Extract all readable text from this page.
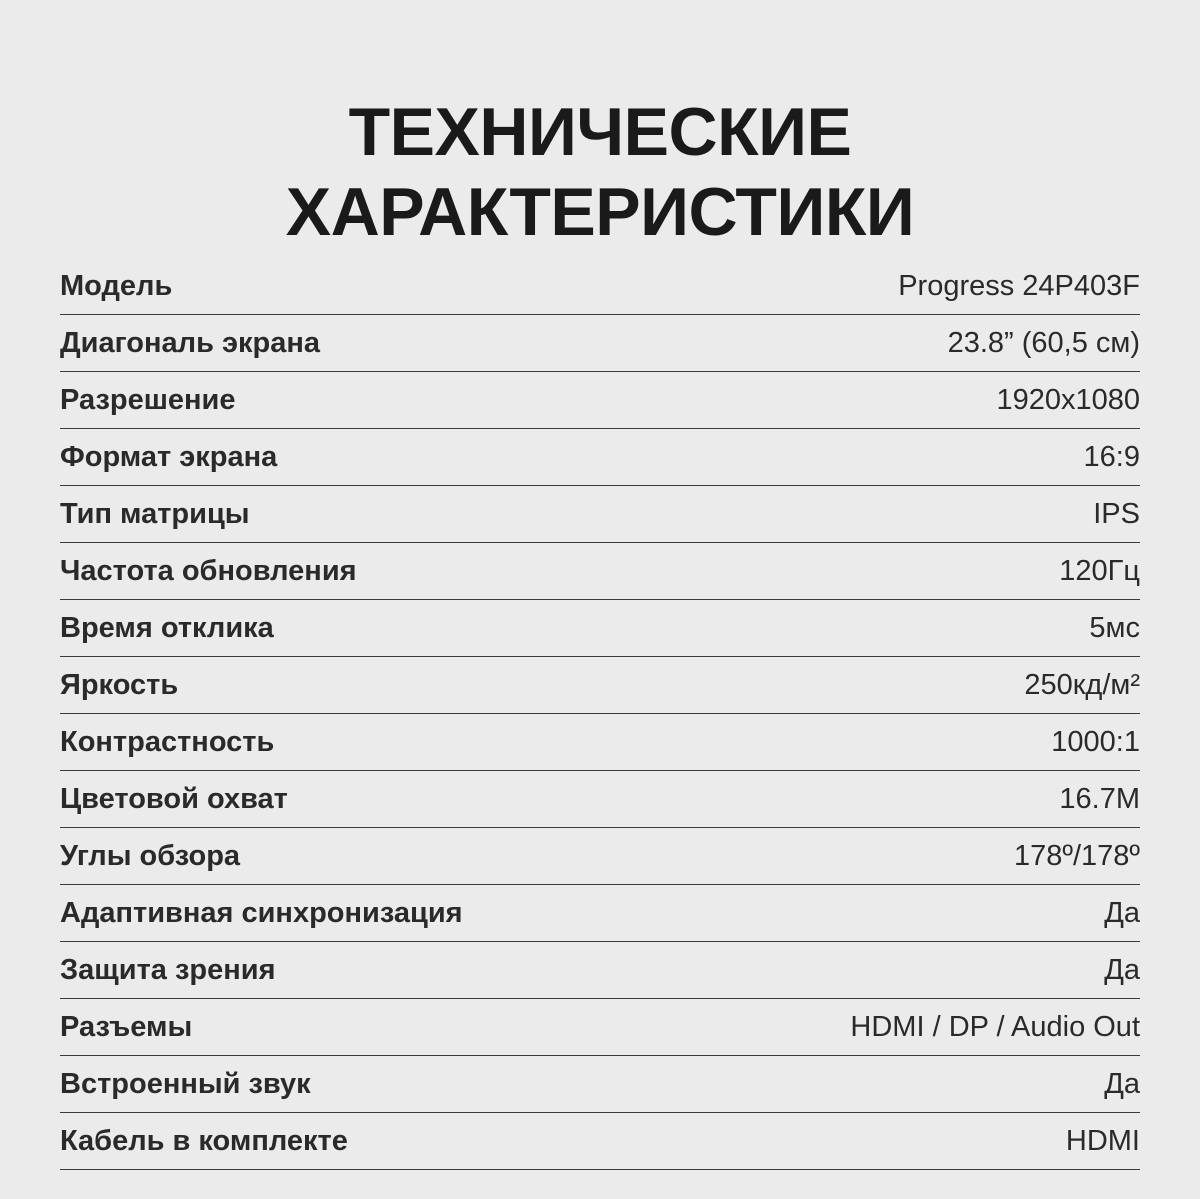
ТЕХНИЧЕСКИЕ
ХАРАКТЕРИСТИКИ
Модель	Progress 24P403F
Диагональ экрана	23.8” (60,5 см)
Разрешение	1920x1080
Формат экрана	16:9
Тип матрицы	IPS
Частота обновления	120Гц
Время отклика	5мс
Яркость	250кд/м²
Контрастность	1000:1
Цветовой охват	16.7M
Углы обзора	178º/178º
Адаптивная синхронизация	Да
Защита зрения	Да
Разъемы	HDMI / DP / Audio Out
Встроенный звук	Да
Кабель в комплекте	HDMI
